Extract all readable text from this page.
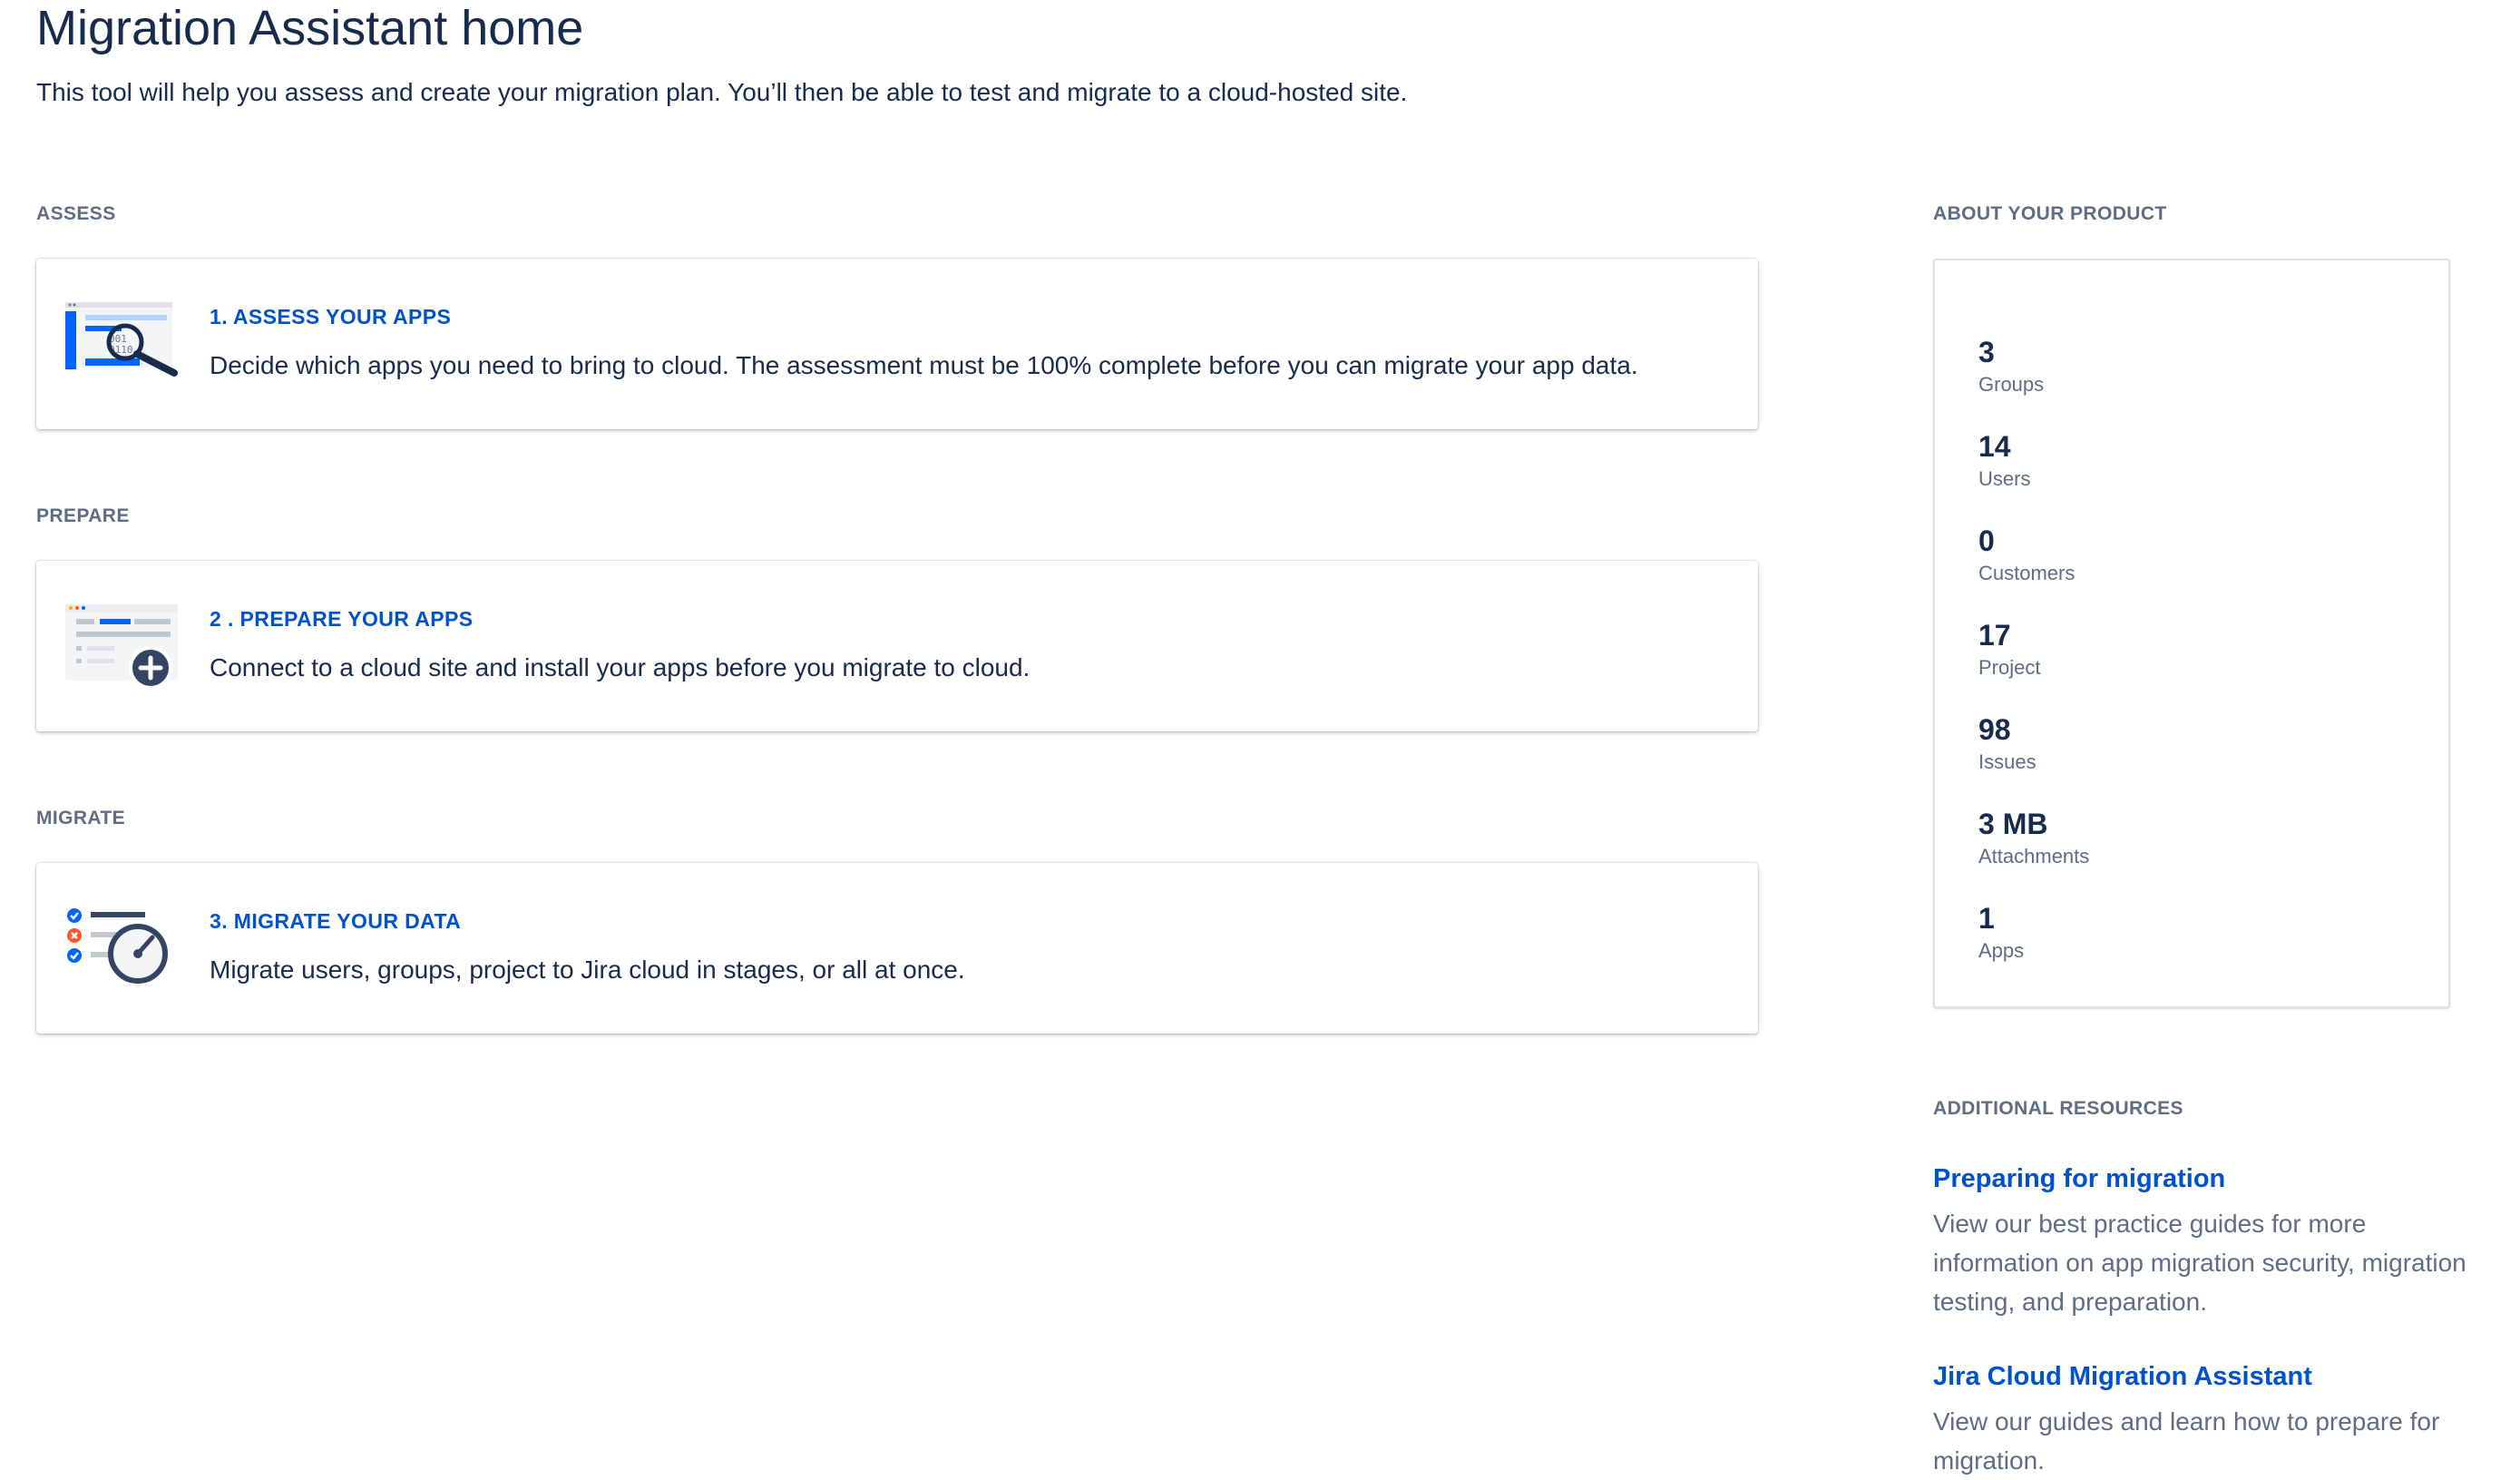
Migration Assistant home

This tool will help you assess and create your migration plan. You’ll then be able to test and migrate to a cloud-hosted site.

ASSESS
001
0110
1. ASSESS YOUR APPS
Decide which apps you need to bring to cloud. The assessment must be 100% complete before you can migrate your app data.
PREPARE
2 . PREPARE YOUR APPS
Connect to a cloud site and install your apps before you migrate to cloud.
MIGRATE
3. MIGRATE YOUR DATA
Migrate users, groups, project to Jira cloud in stages, or all at once.
ABOUT YOUR PRODUCT
3
Groups
14
Users
0
Customers
17
Project
98
Issues
3 MB
Attachments
1
Apps
ADDITIONAL RESOURCES
Preparing for migration

View our best practice guides for more information on app migration security, migration testing, and preparation.

Jira Cloud Migration Assistant

View our guides and learn how to prepare for migration.
